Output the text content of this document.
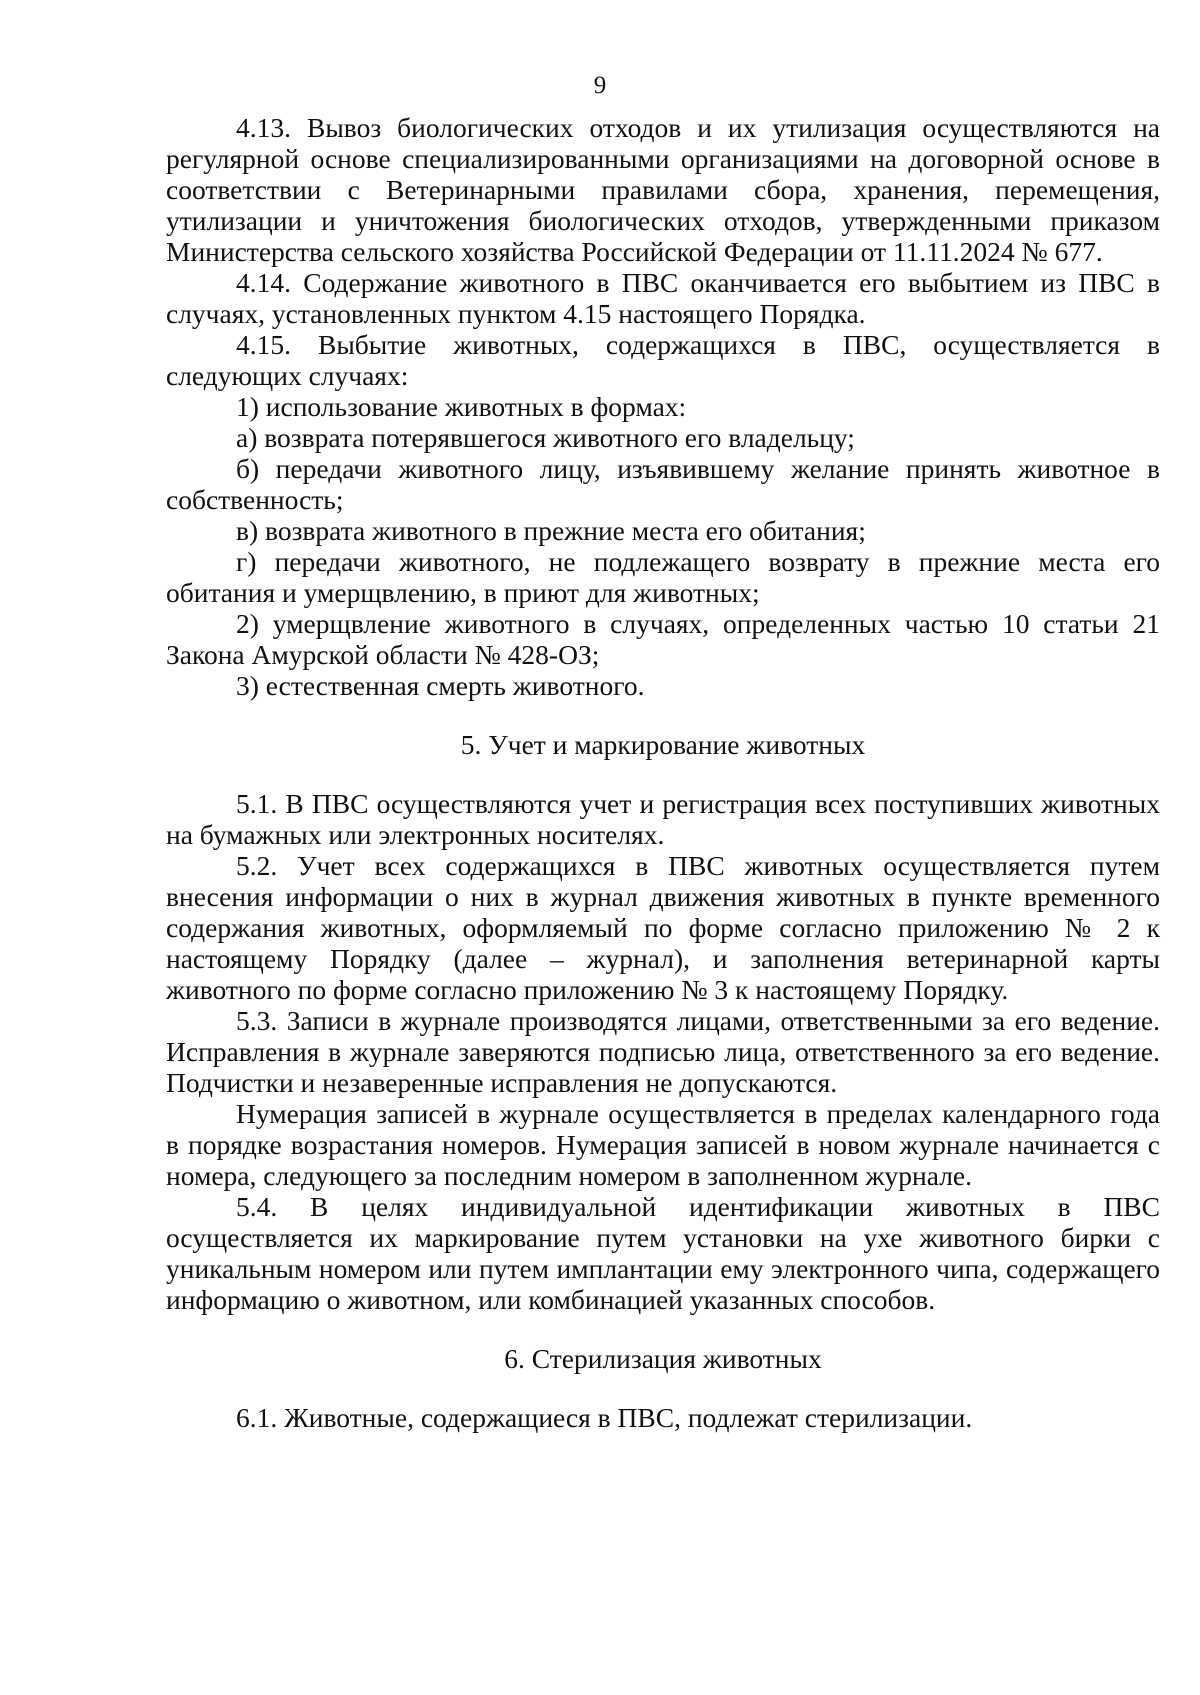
9

4.13. Вывоз биологических отходов и их утилизация осуществляются на регулярной основе специализированными организациями на договорной основе в соответствии с Ветеринарными правилами сбора, хранения, перемещения, утилизации и уничтожения биологических отходов, утвержденными приказом Министерства сельского хозяйства Российской Федерации от 11.11.2024 № 677.

4.14. Содержание животного в ПВС оканчивается его выбытием из ПВС в случаях, установленных пунктом 4.15 настоящего Порядка.

4.15. Выбытие животных, содержащихся в ПВС, осуществляется в следующих случаях:

1) использование животных в формах:

а) возврата потерявшегося животного его владельцу;

б) передачи животного лицу, изъявившему желание принять животное в собственность;

в) возврата животного в прежние места его обитания;

г) передачи животного, не подлежащего возврату в прежние места его обитания и умерщвлению, в приют для животных;

2) умерщвление животного в случаях, определенных частью 10 статьи 21 Закона Амурской области № 428-ОЗ;

3) естественная смерть животного.

5. Учет и маркирование животных

5.1. В ПВС осуществляются учет и регистрация всех поступивших животных на бумажных или электронных носителях.

5.2. Учет всех содержащихся в ПВС животных осуществляется путем внесения информации о них в журнал движения животных в пункте временного содержания животных, оформляемый по форме согласно приложению № 2 к настоящему Порядку (далее – журнал), и заполнения ветеринарной карты животного по форме согласно приложению № 3 к настоящему Порядку.

5.3. Записи в журнале производятся лицами, ответственными за его ведение. Исправления в журнале заверяются подписью лица, ответственного за его ведение. Подчистки и незаверенные исправления не допускаются.

Нумерация записей в журнале осуществляется в пределах календарного года в порядке возрастания номеров. Нумерация записей в новом журнале начинается с номера, следующего за последним номером в заполненном журнале.

5.4. В целях индивидуальной идентификации животных в ПВС осуществляется их маркирование путем установки на ухе животного бирки с уникальным номером или путем имплантации ему электронного чипа, содержащего информацию о животном, или комбинацией указанных способов.

6. Стерилизация животных

6.1. Животные, содержащиеся в ПВС, подлежат стерилизации.
